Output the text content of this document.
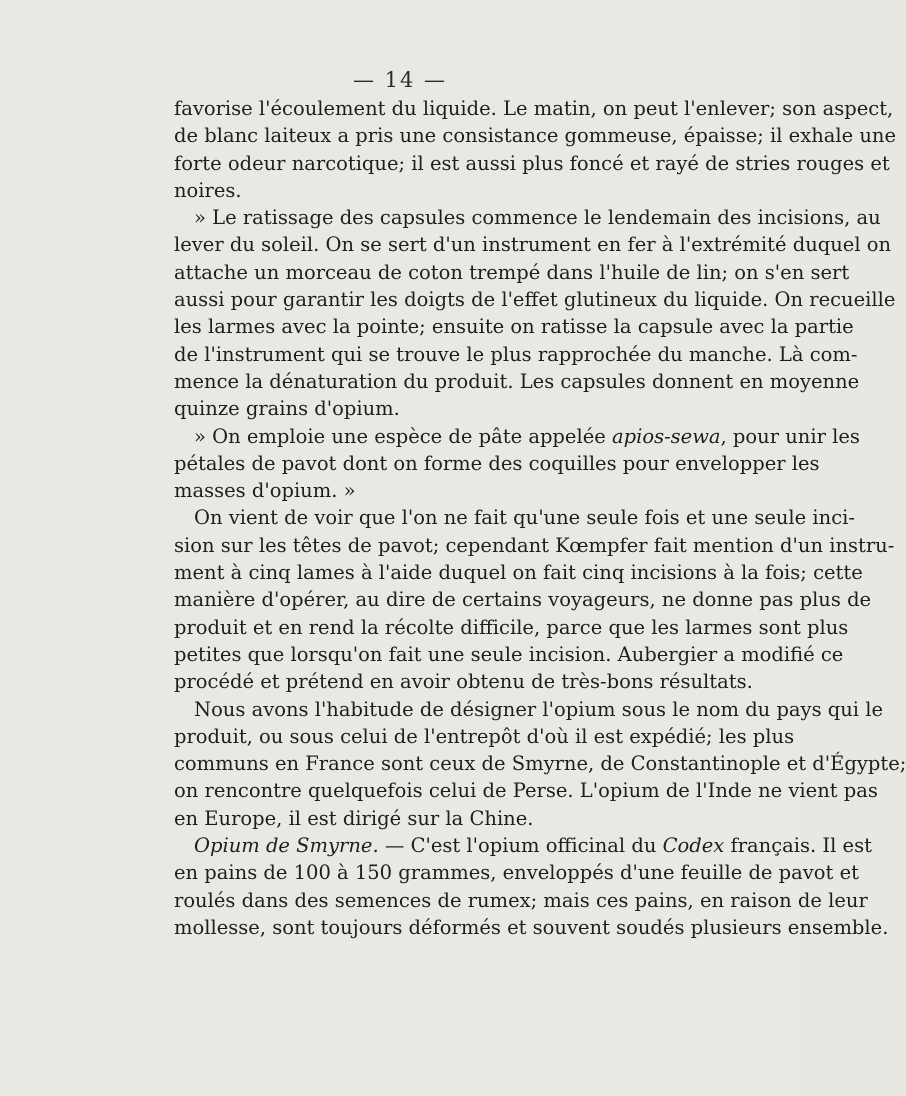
— 14 —
favorise l'écoulement du liquide. Le matin, on peut l'enlever; son aspect,
de blanc laiteux a pris une consistance gommeuse, épaisse; il exhale une
forte odeur narcotique; il est aussi plus foncé et rayé de stries rouges et
noires.
» Le ratissage des capsules commence le lendemain des incisions, au
lever du soleil. On se sert d'un instrument en fer à l'extrémité duquel on
attache un morceau de coton trempé dans l'huile de lin; on s'en sert
aussi pour garantir les doigts de l'effet glutineux du liquide. On recueille
les larmes avec la pointe; ensuite on ratisse la capsule avec la partie
de l'instrument qui se trouve le plus rapprochée du manche. Là com-
mence la dénaturation du produit. Les capsules donnent en moyenne
quinze grains d'opium.
» On emploie une espèce de pâte appelée apios-sewa, pour unir les
pétales de pavot dont on forme des coquilles pour envelopper les
masses d'opium. »
On vient de voir que l'on ne fait qu'une seule fois et une seule inci-
sion sur les têtes de pavot; cependant Kœmpfer fait mention d'un instru-
ment à cinq lames à l'aide duquel on fait cinq incisions à la fois; cette
manière d'opérer, au dire de certains voyageurs, ne donne pas plus de
produit et en rend la récolte difficile, parce que les larmes sont plus
petites que lorsqu'on fait une seule incision. Aubergier a modifié ce
procédé et prétend en avoir obtenu de très-bons résultats.
Nous avons l'habitude de désigner l'opium sous le nom du pays qui le
produit, ou sous celui de l'entrepôt d'où il est expédié; les plus
communs en France sont ceux de Smyrne, de Constantinople et d'Égypte;
on rencontre quelquefois celui de Perse. L'opium de l'Inde ne vient pas
en Europe, il est dirigé sur la Chine.
Opium de Smyrne. — C'est l'opium officinal du Codex français. Il est
en pains de 100 à 150 grammes, enveloppés d'une feuille de pavot et
roulés dans des semences de rumex; mais ces pains, en raison de leur
mollesse, sont toujours déformés et souvent soudés plusieurs ensemble.
